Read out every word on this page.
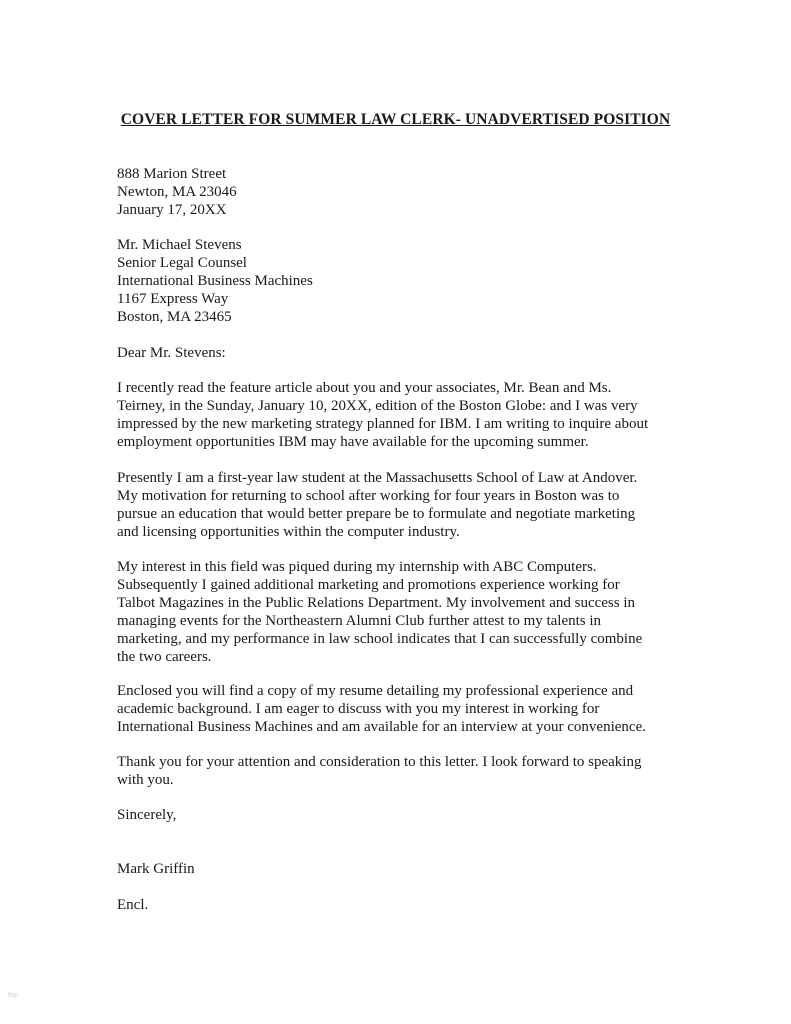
COVER LETTER FOR SUMMER LAW CLERK- UNADVERTISED POSITION
888 Marion Street
Newton, MA 23046
January 17, 20XX
Mr. Michael Stevens
Senior Legal Counsel
International Business Machines
1167 Express Way
Boston, MA 23465
Dear Mr. Stevens:
I recently read the feature article about you and your associates, Mr. Bean and Ms.
Teirney, in the Sunday, January 10, 20XX, edition of the Boston Globe: and I was very
impressed by the new marketing strategy planned for IBM. I am writing to inquire about
employment opportunities IBM may have available for the upcoming summer.
Presently I am a first-year law student at the Massachusetts School of Law at Andover.
My motivation for returning to school after working for four years in Boston was to
pursue an education that would better prepare be to formulate and negotiate marketing
and licensing opportunities within the computer industry.
My interest in this field was piqued during my internship with ABC Computers.
Subsequently I gained additional marketing and promotions experience working for
Talbot Magazines in the Public Relations Department. My involvement and success in
managing events for the Northeastern Alumni Club further attest to my talents in
marketing, and my performance in law school indicates that I can successfully combine
the two careers.
Enclosed you will find a copy of my resume detailing my professional experience and
academic background. I am eager to discuss with you my interest in working for
International Business Machines and am available for an interview at your convenience.
Thank you for your attention and consideration to this letter. I look forward to speaking
with you.
Sincerely,
Mark Griffin
Encl.
Rizi
